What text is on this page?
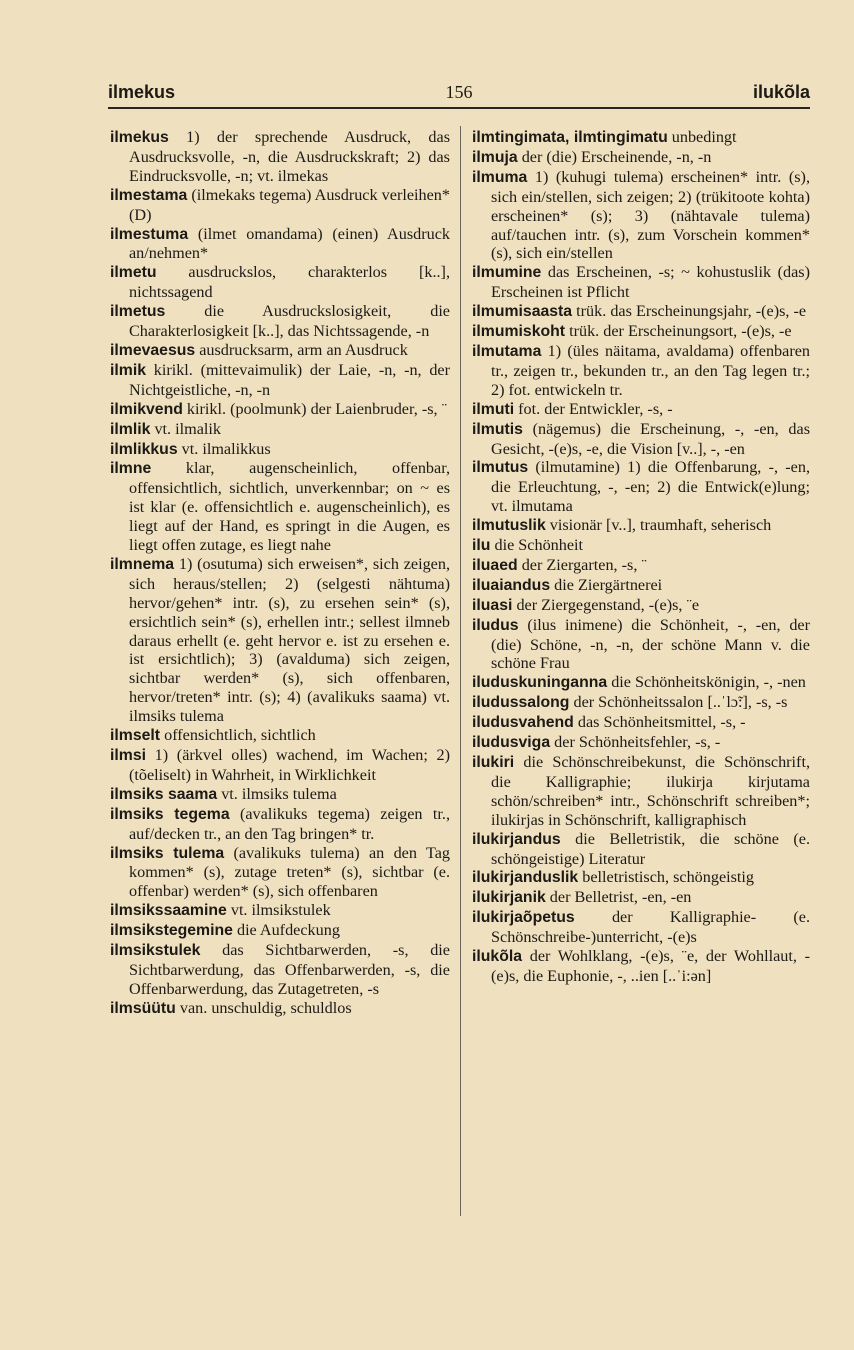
ilmekus	156	ilukõla

ilmekus 1) der sprechende Ausdruck, das Ausdrucksvolle, -n, die Ausdruckskraft; 2) das Eindrucksvolle, -n; vt. ilmekas

ilmestama (ilmekaks tegema) Ausdruck verleihen* (D)

ilmestuma (ilmet omandama) (einen) Ausdruck an/nehmen*

ilmetu ausdruckslos, charakterlos [k..], nichtssagend

ilmetus die Ausdruckslosigkeit, die Charakterlosigkeit [k..], das Nichtssagende, -n

ilmevaesus ausdrucksarm, arm an Ausdruck

ilmik kirikl. (mittevaimulik) der Laie, -n, -n, der Nichtgeistliche, -n, -n

ilmikvend kirikl. (poolmunk) der Laienbruder, -s, ¨

ilmlik vt. ilmalik

ilmlikkus vt. ilmalikkus

ilmne klar, augenscheinlich, offenbar, offensichtlich, sichtlich, unverkennbar; on ~ es ist klar (e. offensichtlich e. augenscheinlich), es liegt auf der Hand, es springt in die Augen, es liegt offen zutage, es liegt nahe

ilmnema 1) (osutuma) sich erweisen*, sich zeigen, sich heraus/stellen; 2) (selgesti nähtuma) hervor/gehen* intr. (s), zu ersehen sein* (s), ersichtlich sein* (s), erhellen intr.; sellest ilmneb daraus erhellt (e. geht hervor e. ist zu ersehen e. ist ersichtlich); 3) (avalduma) sich zeigen, sichtbar werden* (s), sich offenbaren, hervor/treten* intr. (s); 4) (avalikuks saama) vt. ilmsiks tulema

ilmselt offensichtlich, sichtlich

ilmsi 1) (ärkvel olles) wachend, im Wachen; 2) (tõeliselt) in Wahrheit, in Wirklichkeit

ilmsiks saama vt. ilmsiks tulema

ilmsiks tegema (avalikuks tegema) zeigen tr., auf/decken tr., an den Tag bringen* tr.

ilmsiks tulema (avalikuks tulema) an den Tag kommen* (s), zutage treten* (s), sichtbar (e. offenbar) werden* (s), sich offenbaren

ilmsikssaamine vt. ilmsikstulek

ilmsikstegemine die Aufdeckung

ilmsikstulek das Sichtbarwerden, -s, die Sichtbarwerdung, das Offenbarwerden, -s, die Offenbarwerdung, das Zutagetreten, -s

ilmsüütu van. unschuldig, schuldlos

ilmtingimata, ilmtingimatu unbedingt

ilmuja der (die) Erscheinende, -n, -n

ilmuma 1) (kuhugi tulema) erscheinen* intr. (s), sich ein/stellen, sich zeigen; 2) (trükitoote kohta) erscheinen* (s); 3) (nähtavale tulema) auf/tauchen intr. (s), zum Vorschein kommen* (s), sich ein/stellen

ilmumine das Erscheinen, -s; ~ kohustuslik (das) Erscheinen ist Pflicht

ilmumisaasta trük. das Erscheinungsjahr, -(e)s, -e

ilmumiskoht trük. der Erscheinungsort, -(e)s, -e

ilmutama 1) (üles näitama, avaldama) offenbaren tr., zeigen tr., bekunden tr., an den Tag legen tr.; 2) fot. entwickeln tr.

ilmuti fot. der Entwickler, -s, -

ilmutis (nägemus) die Erscheinung, -, -en, das Gesicht, -(e)s, -e, die Vision [v..], -, -en

ilmutus (ilmutamine) 1) die Offenbarung, -, -en, die Erleuchtung, -, -en; 2) die Entwick(e)lung; vt. ilmutama

ilmutuslik visionär [v..], traumhaft, seherisch

ilu die Schönheit

iluaed der Ziergarten, -s, ¨

iluaiandus die Ziergärtnerei

iluasi der Ziergegenstand, -(e)s, ¨e

iludus (ilus inimene) die Schönheit, -, -en, der (die) Schöne, -n, -n, der schöne Mann v. die schöne Frau

iluduskuninganna die Schönheitskönigin, -, -nen

iludussalong der Schönheitssalon [..ˈlɔ̃:], -s, -s

iludusvahend das Schönheitsmittel, -s, -

iludusviga der Schönheitsfehler, -s, -

ilukiri die Schönschreibekunst, die Schönschrift, die Kalligraphie; ilukirja kirjutama schön/schreiben* intr., Schönschrift schreiben*; ilukirjas in Schönschrift, kalligraphisch

ilukirjandus die Belletristik, die schöne (e. schöngeistige) Literatur

ilukirjanduslik belletristisch, schöngeistig

ilukirjanik der Belletrist, -en, -en

ilukirjaõpetus der Kalligraphie- (e. Schönschreibe-)unterricht, -(e)s

ilukõla der Wohlklang, -(e)s, ¨e, der Wohllaut, -(e)s, die Euphonie, -, ..ien [..ˈi:ən]
